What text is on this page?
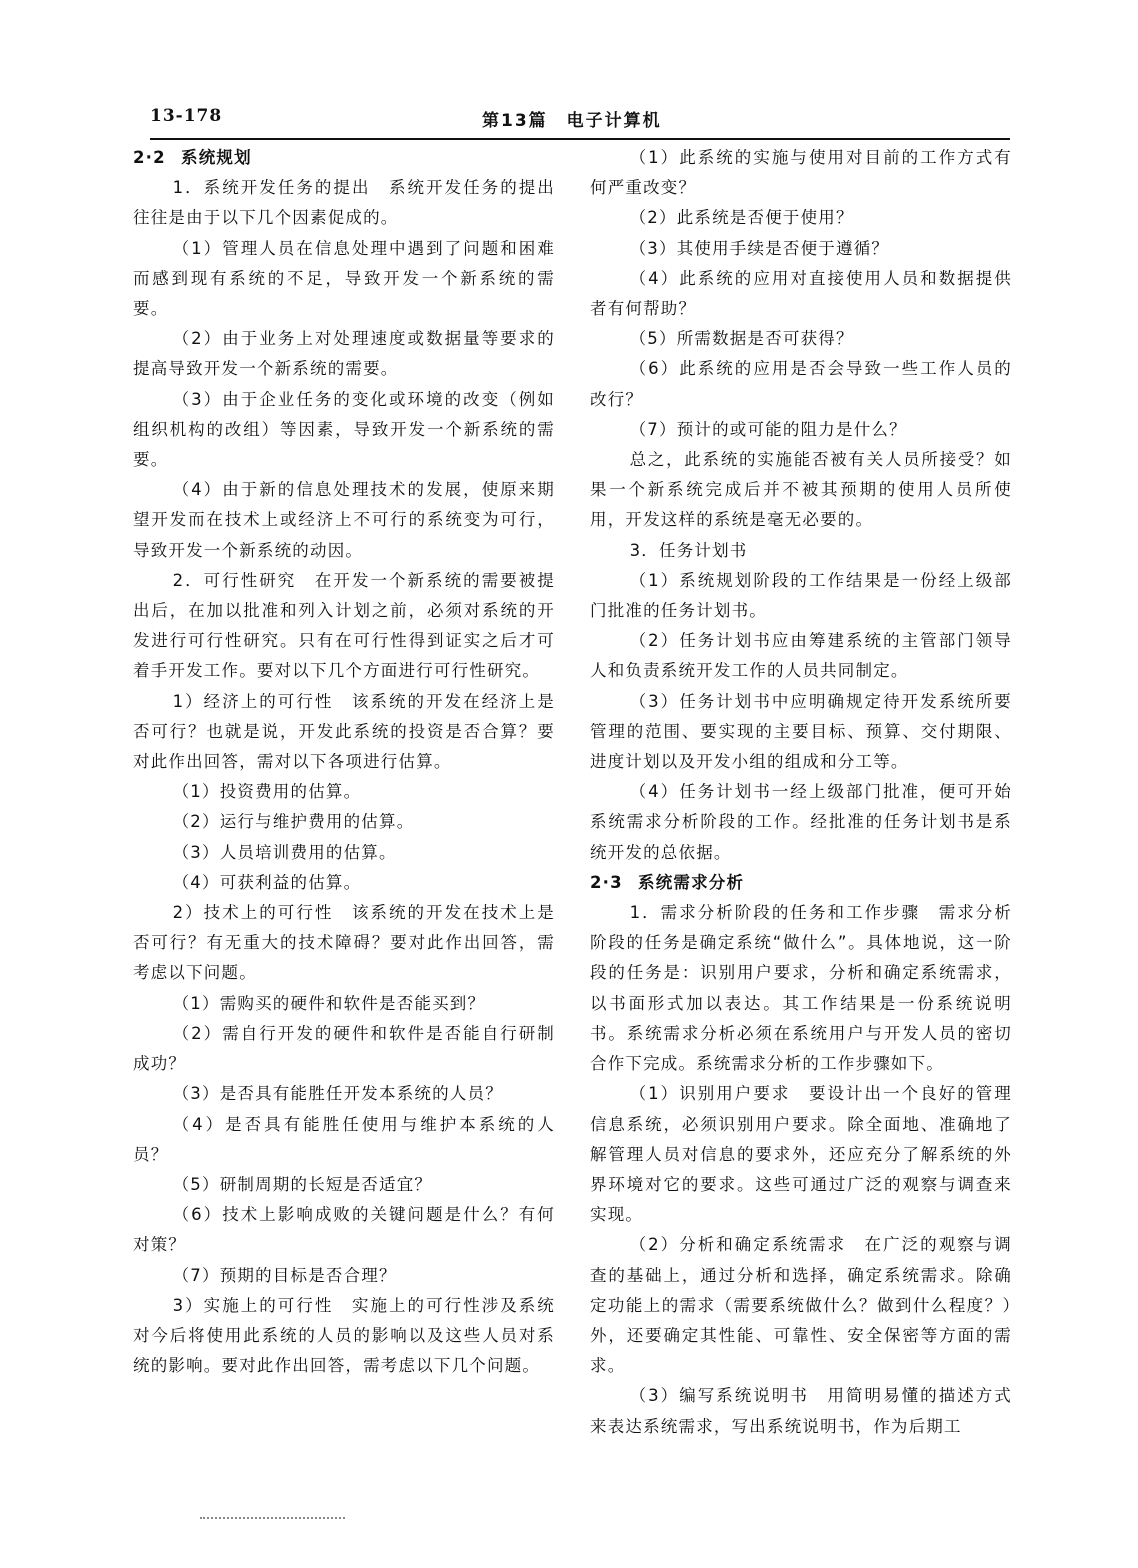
13-178	第13篇　电子计算机

2·2 系统规划

1．系统开发任务的提出　系统开发任务的提出往往是由于以下几个因素促成的。

（1）管理人员在信息处理中遇到了问题和困难而感到现有系统的不足，导致开发一个新系统的需要。

（2）由于业务上对处理速度或数据量等要求的提高导致开发一个新系统的需要。

（3）由于企业任务的变化或环境的改变（例如组织机构的改组）等因素，导致开发一个新系统的需要。

（4）由于新的信息处理技术的发展，使原来期望开发而在技术上或经济上不可行的系统变为可行，导致开发一个新系统的动因。

2．可行性研究　在开发一个新系统的需要被提出后，在加以批准和列入计划之前，必须对系统的开发进行可行性研究。只有在可行性得到证实之后才可着手开发工作。要对以下几个方面进行可行性研究。

1）经济上的可行性　该系统的开发在经济上是否可行？也就是说，开发此系统的投资是否合算？要对此作出回答，需对以下各项进行估算。

（1）投资费用的估算。

（2）运行与维护费用的估算。

（3）人员培训费用的估算。

（4）可获利益的估算。

2）技术上的可行性　该系统的开发在技术上是否可行？有无重大的技术障碍？要对此作出回答，需考虑以下问题。

（1）需购买的硬件和软件是否能买到？

（2）需自行开发的硬件和软件是否能自行研制成功？

（3）是否具有能胜任开发本系统的人员？

（4）是否具有能胜任使用与维护本系统的人员？

（5）研制周期的长短是否适宜？

（6）技术上影响成败的关键问题是什么？有何对策？

（7）预期的目标是否合理？

3）实施上的可行性　实施上的可行性涉及系统对今后将使用此系统的人员的影响以及这些人员对系统的影响。要对此作出回答，需考虑以下几个问题。

（1）此系统的实施与使用对目前的工作方式有何严重改变？

（2）此系统是否便于使用？

（3）其使用手续是否便于遵循？

（4）此系统的应用对直接使用人员和数据提供者有何帮助？

（5）所需数据是否可获得？

（6）此系统的应用是否会导致一些工作人员的改行？

（7）预计的或可能的阻力是什么？

总之，此系统的实施能否被有关人员所接受？如果一个新系统完成后并不被其预期的使用人员所使用，开发这样的系统是毫无必要的。

3．任务计划书

（1）系统规划阶段的工作结果是一份经上级部门批准的任务计划书。

（2）任务计划书应由筹建系统的主管部门领导人和负责系统开发工作的人员共同制定。

（3）任务计划书中应明确规定待开发系统所要管理的范围、要实现的主要目标、预算、交付期限、进度计划以及开发小组的组成和分工等。

（4）任务计划书一经上级部门批准，便可开始系统需求分析阶段的工作。经批准的任务计划书是系统开发的总依据。

2·3 系统需求分析

1．需求分析阶段的任务和工作步骤　需求分析阶段的任务是确定系统“做什么”。具体地说，这一阶段的任务是：识别用户要求，分析和确定系统需求，以书面形式加以表达。其工作结果是一份系统说明书。系统需求分析必须在系统用户与开发人员的密切合作下完成。系统需求分析的工作步骤如下。

（1）识别用户要求　要设计出一个良好的管理信息系统，必须识别用户要求。除全面地、准确地了解管理人员对信息的要求外，还应充分了解系统的外界环境对它的要求。这些可通过广泛的观察与调查来实现。

（2）分析和确定系统需求　在广泛的观察与调查的基础上，通过分析和选择，确定系统需求。除确定功能上的需求（需要系统做什么？做到什么程度？）外，还要确定其性能、可靠性、安全保密等方面的需求。

（3）编写系统说明书　用简明易懂的描述方式来表达系统需求，写出系统说明书，作为后期工
